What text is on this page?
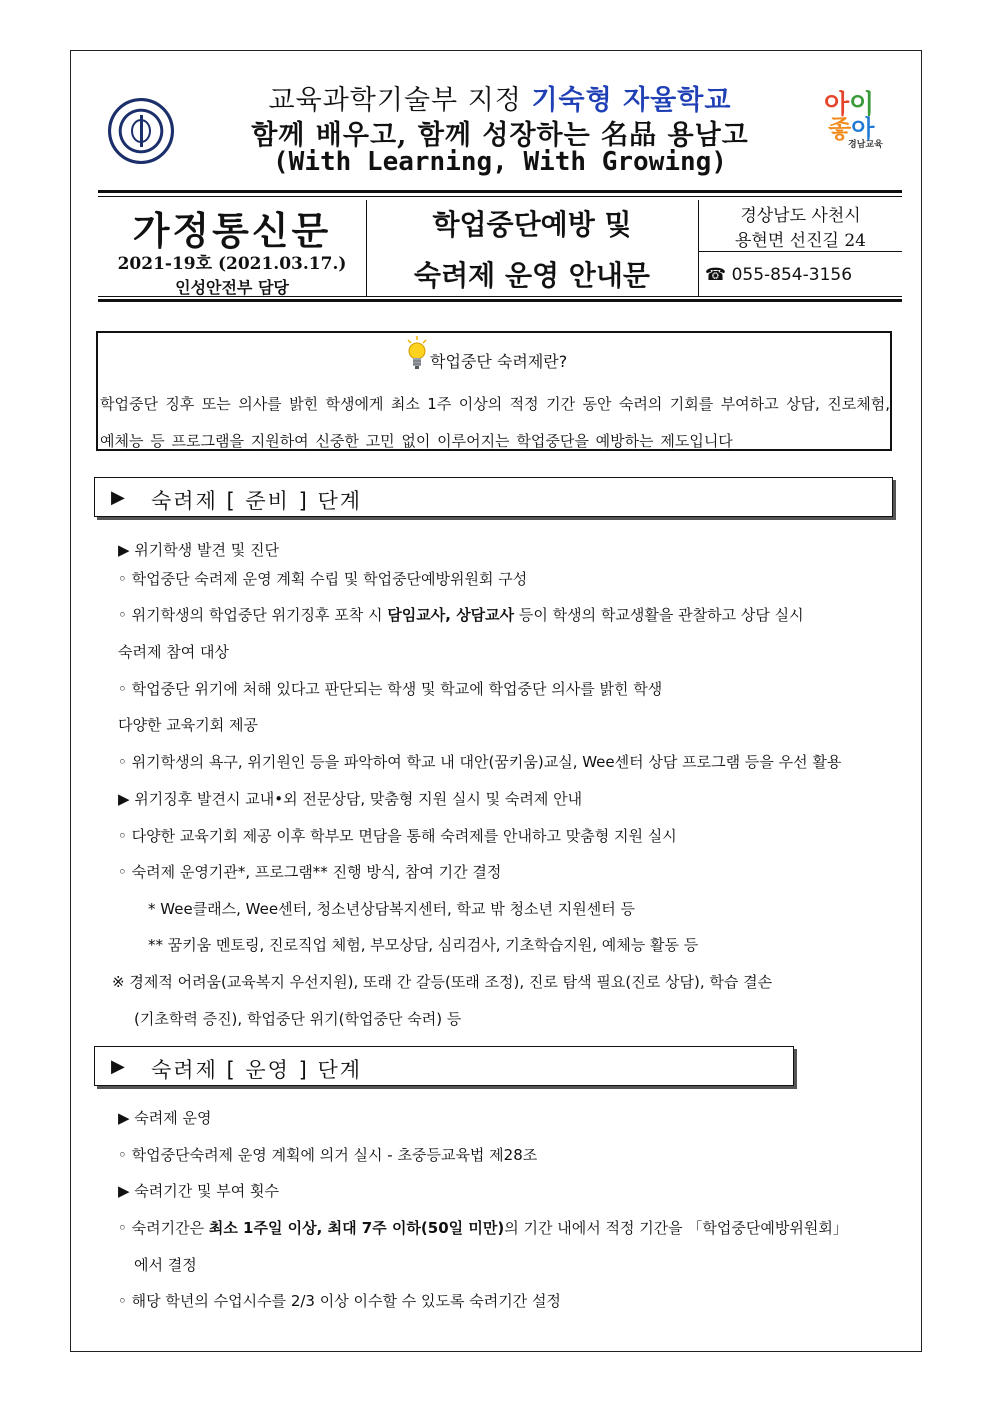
교육과학기술부 지정 기숙형 자율학교
함께 배우고, 함께 성장하는 名品 용남고
(With Learning, With Growing)
아이
좋아
경남교육
가정통신문
2021-19호 (2021.03.17.)
인성안전부 담당
학업중단예방 및
숙려제 운영 안내문
경상남도 사천시
용현면 선진길 24
☎ 055-854-3156
학업중단 숙려제란?
학업중단 징후 또는 의사를 밝힌 학생에게 최소 1주 이상의 적정 기간 동안 숙려의 기회를 부여하고 상담, 진로체험, 예체능 등 프로그램을 지원하여 신중한 고민 없이 이루어지는 학업중단을 예방하는 제도입니다
▶ 숙려제 [ 준비 ] 단계
▶ 위기학생 발견 및 진단
◦ 학업중단 숙려제 운영 계획 수립 및 학업중단예방위원회 구성
◦ 위기학생의 학업중단 위기징후 포착 시 담임교사, 상담교사 등이 학생의 학교생활을 관찰하고 상담 실시
숙려제 참여 대상
◦ 학업중단 위기에 처해 있다고 판단되는 학생 및 학교에 학업중단 의사를 밝힌 학생
다양한 교육기회 제공
◦ 위기학생의 욕구, 위기원인 등을 파악하여 학교 내 대안(꿈키움)교실, Wee센터 상담 프로그램 등을 우선 활용
▶ 위기징후 발견시 교내•외 전문상담, 맞춤형 지원 실시 및 숙려제 안내
◦ 다양한 교육기회 제공 이후 학부모 면담을 통해 숙려제를 안내하고 맞춤형 지원 실시
◦ 숙려제 운영기관*, 프로그램** 진행 방식, 참여 기간 결정
* Wee클래스, Wee센터, 청소년상담복지센터, 학교 밖 청소년 지원센터 등
** 꿈키움 멘토링, 진로직업 체험, 부모상담, 심리검사, 기초학습지원, 예체능 활동 등
※ 경제적 어려움(교육복지 우선지원), 또래 간 갈등(또래 조정), 진로 탐색 필요(진로 상담), 학습 결손
(기초학력 증진), 학업중단 위기(학업중단 숙려) 등
▶ 숙려제 [ 운영 ] 단계
▶ 숙려제 운영
◦ 학업중단숙려제 운영 계획에 의거 실시 - 초중등교육법 제28조
▶ 숙려기간 및 부여 횟수
◦ 숙려기간은 최소 1주일 이상, 최대 7주 이하(50일 미만)의 기간 내에서 적정 기간을 「학업중단예방위원회」
에서 결정
◦ 해당 학년의 수업시수를 2/3 이상 이수할 수 있도록 숙려기간 설정
